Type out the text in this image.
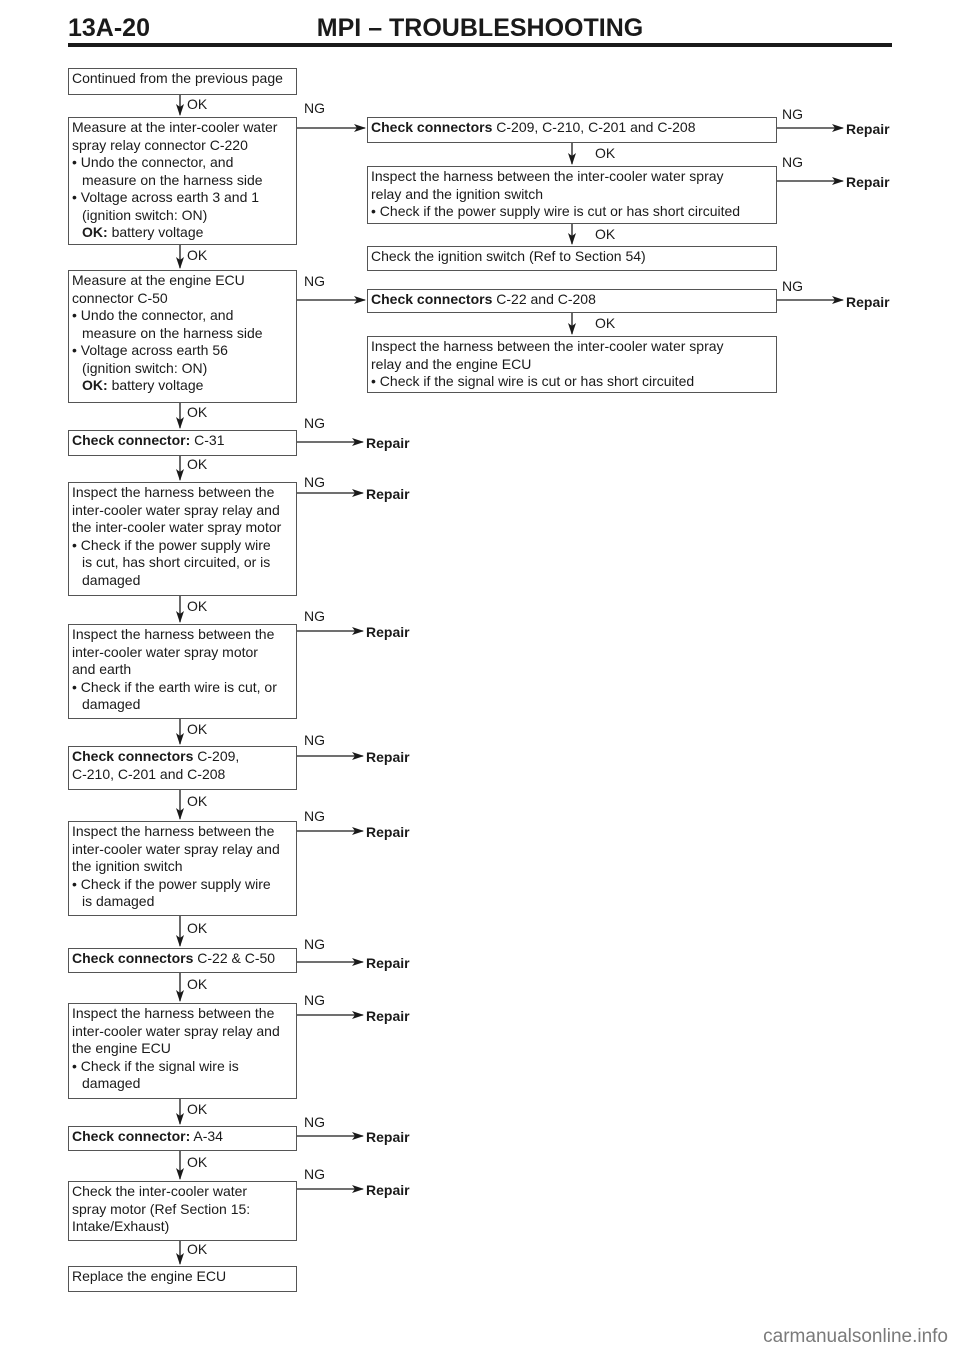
13A-20	MPI – TROUBLESHOOTING
Continued from the previous page
Measure at the inter-cooler water
spray relay connector C-220
• Undo the connector, and
measure on the harness side
• Voltage across earth 3 and 1
(ignition switch: ON)
OK: battery voltage
Measure at the engine ECU
connector C-50
• Undo the connector, and
measure on the harness side
• Voltage across earth 56
(ignition switch: ON)
OK: battery voltage
Check connector: C-31
Inspect the harness between the
inter-cooler water spray relay and
the inter-cooler water spray motor
• Check if the power supply wire
is cut, has short circuited, or is
damaged
Inspect the harness between the
inter-cooler water spray motor
and earth
• Check if the earth wire is cut, or
damaged
Check connectors C-209,
C-210, C-201 and C-208
Inspect the harness between the
inter-cooler water spray relay and
the ignition switch
• Check if the power supply wire
is damaged
Check connectors C-22 & C-50
Inspect the harness between the
inter-cooler water spray relay and
the engine ECU
• Check if the signal wire is
damaged
Check connector: A-34
Check the inter-cooler water
spray motor (Ref Section 15:
Intake/Exhaust)
Replace the engine ECU
Check connectors C-209, C-210, C-201 and C-208
Inspect the harness between the inter-cooler water spray
relay and the ignition switch
• Check if the power supply wire is cut or has short circuited
Check the ignition switch (Ref to Section 54)
Check connectors C-22 and C-208
Inspect the harness between the inter-cooler water spray
relay and the engine ECU
• Check if the signal wire is cut or has short circuited
OK
OK
OK
OK
OK
OK
OK
OK
OK
OK
OK
OK
OK
OK
OK
NG
NG
NG
NG
NG
NG
NG
NG
NG
NG
NG
NG
NG
NG
Repair
Repair
Repair
Repair
Repair
Repair
Repair
Repair
Repair
Repair
Repair
Repair
carmanualsonline.info
